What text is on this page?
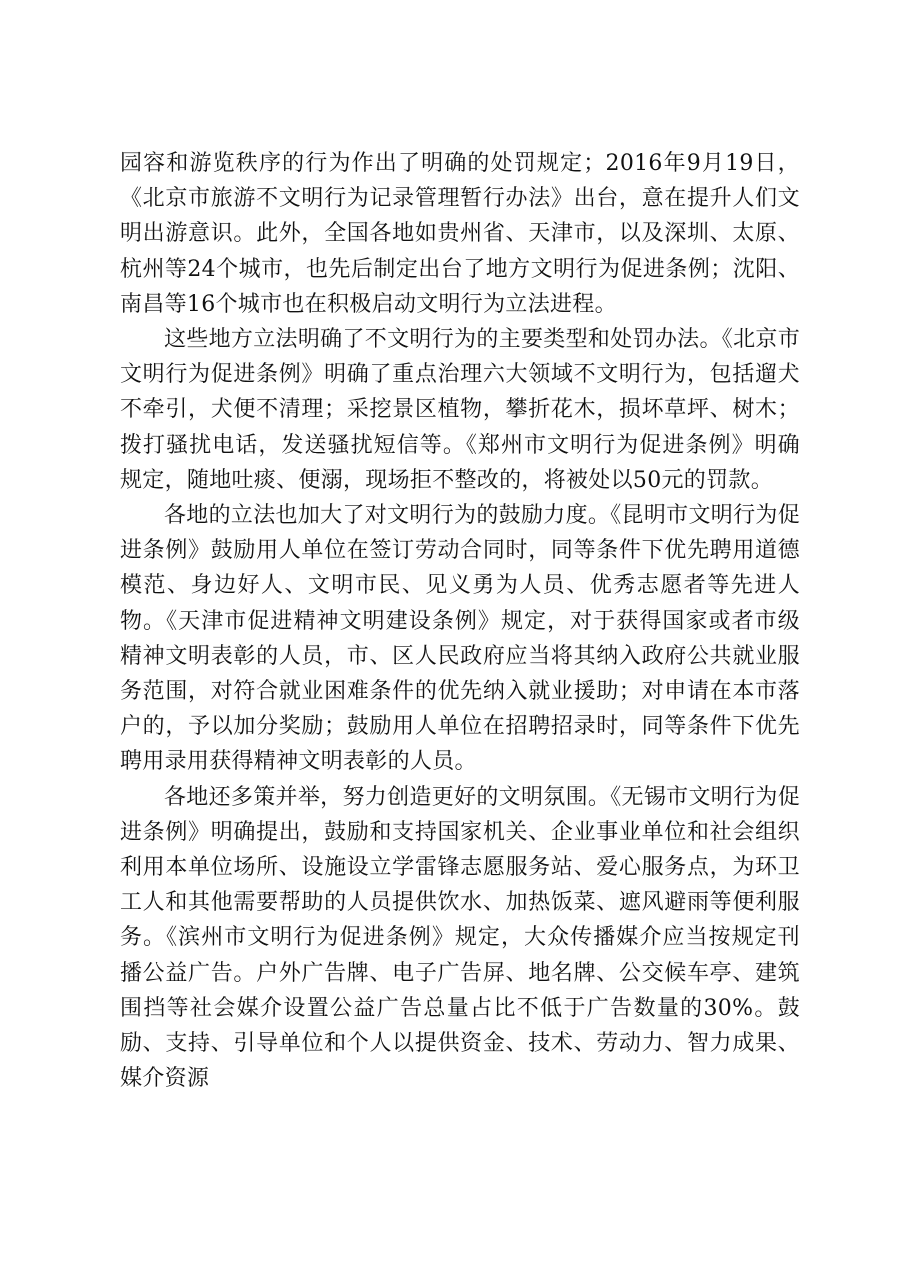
园容和游览秩序的行为作出了明确的处罚规定；2016年9月19日，《北京市旅游不文明行为记录管理暂行办法》出台，意在提升人们文明出游意识。此外，全国各地如贵州省、天津市，以及深圳、太原、杭州等24个城市，也先后制定出台了地方文明行为促进条例；沈阳、南昌等16个城市也在积极启动文明行为立法进程。

这些地方立法明确了不文明行为的主要类型和处罚办法。《北京市文明行为促进条例》明确了重点治理六大领域不文明行为，包括遛犬不牵引，犬便不清理；采挖景区植物，攀折花木，损坏草坪、树木；拨打骚扰电话，发送骚扰短信等。《郑州市文明行为促进条例》明确规定，随地吐痰、便溺，现场拒不整改的，将被处以50元的罚款。

各地的立法也加大了对文明行为的鼓励力度。《昆明市文明行为促进条例》鼓励用人单位在签订劳动合同时，同等条件下优先聘用道德模范、身边好人、文明市民、见义勇为人员、优秀志愿者等先进人物。《天津市促进精神文明建设条例》规定，对于获得国家或者市级精神文明表彰的人员，市、区人民政府应当将其纳入政府公共就业服务范围，对符合就业困难条件的优先纳入就业援助；对申请在本市落户的，予以加分奖励；鼓励用人单位在招聘招录时，同等条件下优先聘用录用获得精神文明表彰的人员。

各地还多策并举，努力创造更好的文明氛围。《无锡市文明行为促进条例》明确提出，鼓励和支持国家机关、企业事业单位和社会组织利用本单位场所、设施设立学雷锋志愿服务站、爱心服务点，为环卫工人和其他需要帮助的人员提供饮水、加热饭菜、遮风避雨等便利服务。《滨州市文明行为促进条例》规定，大众传播媒介应当按规定刊播公益广告。户外广告牌、电子广告屏、地名牌、公交候车亭、建筑围挡等社会媒介设置公益广告总量占比不低于广告数量的30%。鼓励、支持、引导单位和个人以提供资金、技术、劳动力、智力成果、媒介资源
